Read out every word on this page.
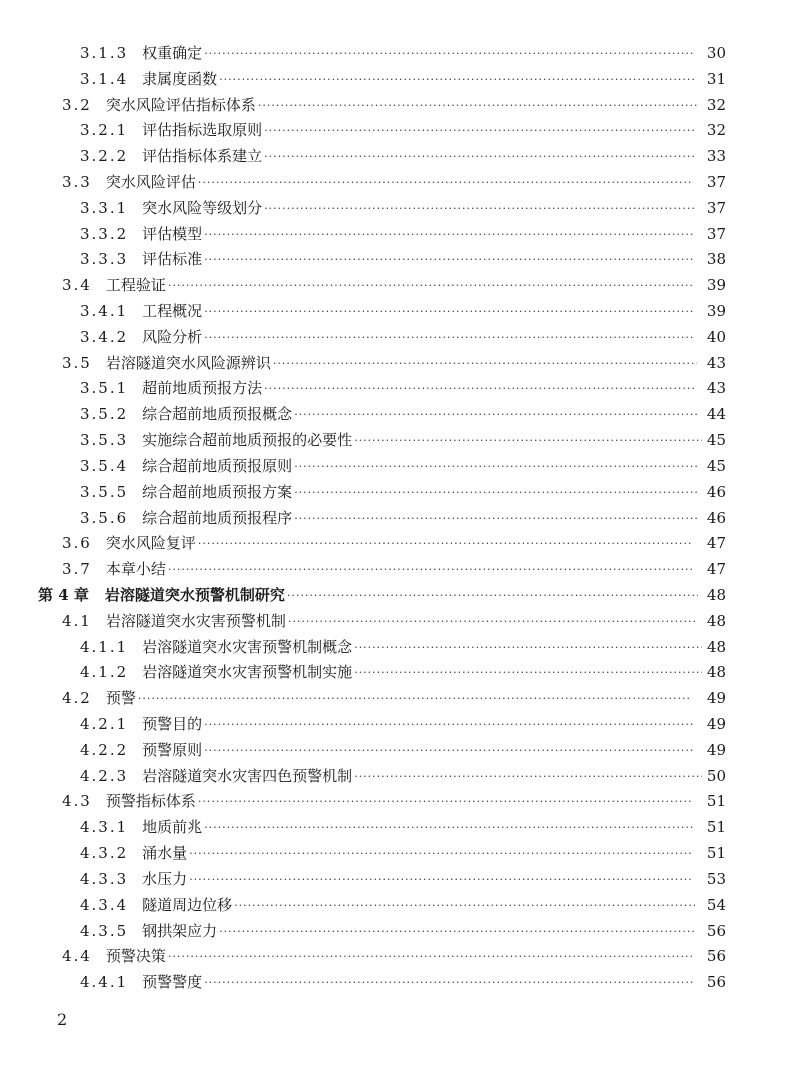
3.1.3 权重确定 ·····	30
3.1.4 隶属度函数 ·····	31
3.2 突水风险评估指标体系 ·····	32
3.2.1 评估指标选取原则 ·····	32
3.2.2 评估指标体系建立 ·····	33
3.3 突水风险评估 ·····	37
3.3.1 突水风险等级划分 ·····	37
3.3.2 评估模型 ·····	37
3.3.3 评估标准 ·····	38
3.4 工程验证 ·····	39
3.4.1 工程概况 ·····	39
3.4.2 风险分析 ·····	40
3.5 岩溶隧道突水风险源辨识 ·····	43
3.5.1 超前地质预报方法 ·····	43
3.5.2 综合超前地质预报概念 ·····	44
3.5.3 实施综合超前地质预报的必要性 ·····	45
3.5.4 综合超前地质预报原则 ·····	45
3.5.5 综合超前地质预报方案 ·····	46
3.5.6 综合超前地质预报程序 ·····	46
3.6 突水风险复评 ·····	47
3.7 本章小结 ·····	47
第 4 章 岩溶隧道突水预警机制研究 ·····	48
4.1 岩溶隧道突水灾害预警机制 ·····	48
4.1.1 岩溶隧道突水灾害预警机制概念 ·····	48
4.1.2 岩溶隧道突水灾害预警机制实施 ·····	48
4.2 预警 ·····	49
4.2.1 预警目的 ·····	49
4.2.2 预警原则 ·····	49
4.2.3 岩溶隧道突水灾害四色预警机制 ·····	50
4.3 预警指标体系 ·····	51
4.3.1 地质前兆 ·····	51
4.3.2 涌水量 ·····	51
4.3.3 水压力 ·····	53
4.3.4 隧道周边位移 ·····	54
4.3.5 钢拱架应力 ·····	56
4.4 预警决策 ·····	56
4.4.1 预警警度 ·····	56
2
